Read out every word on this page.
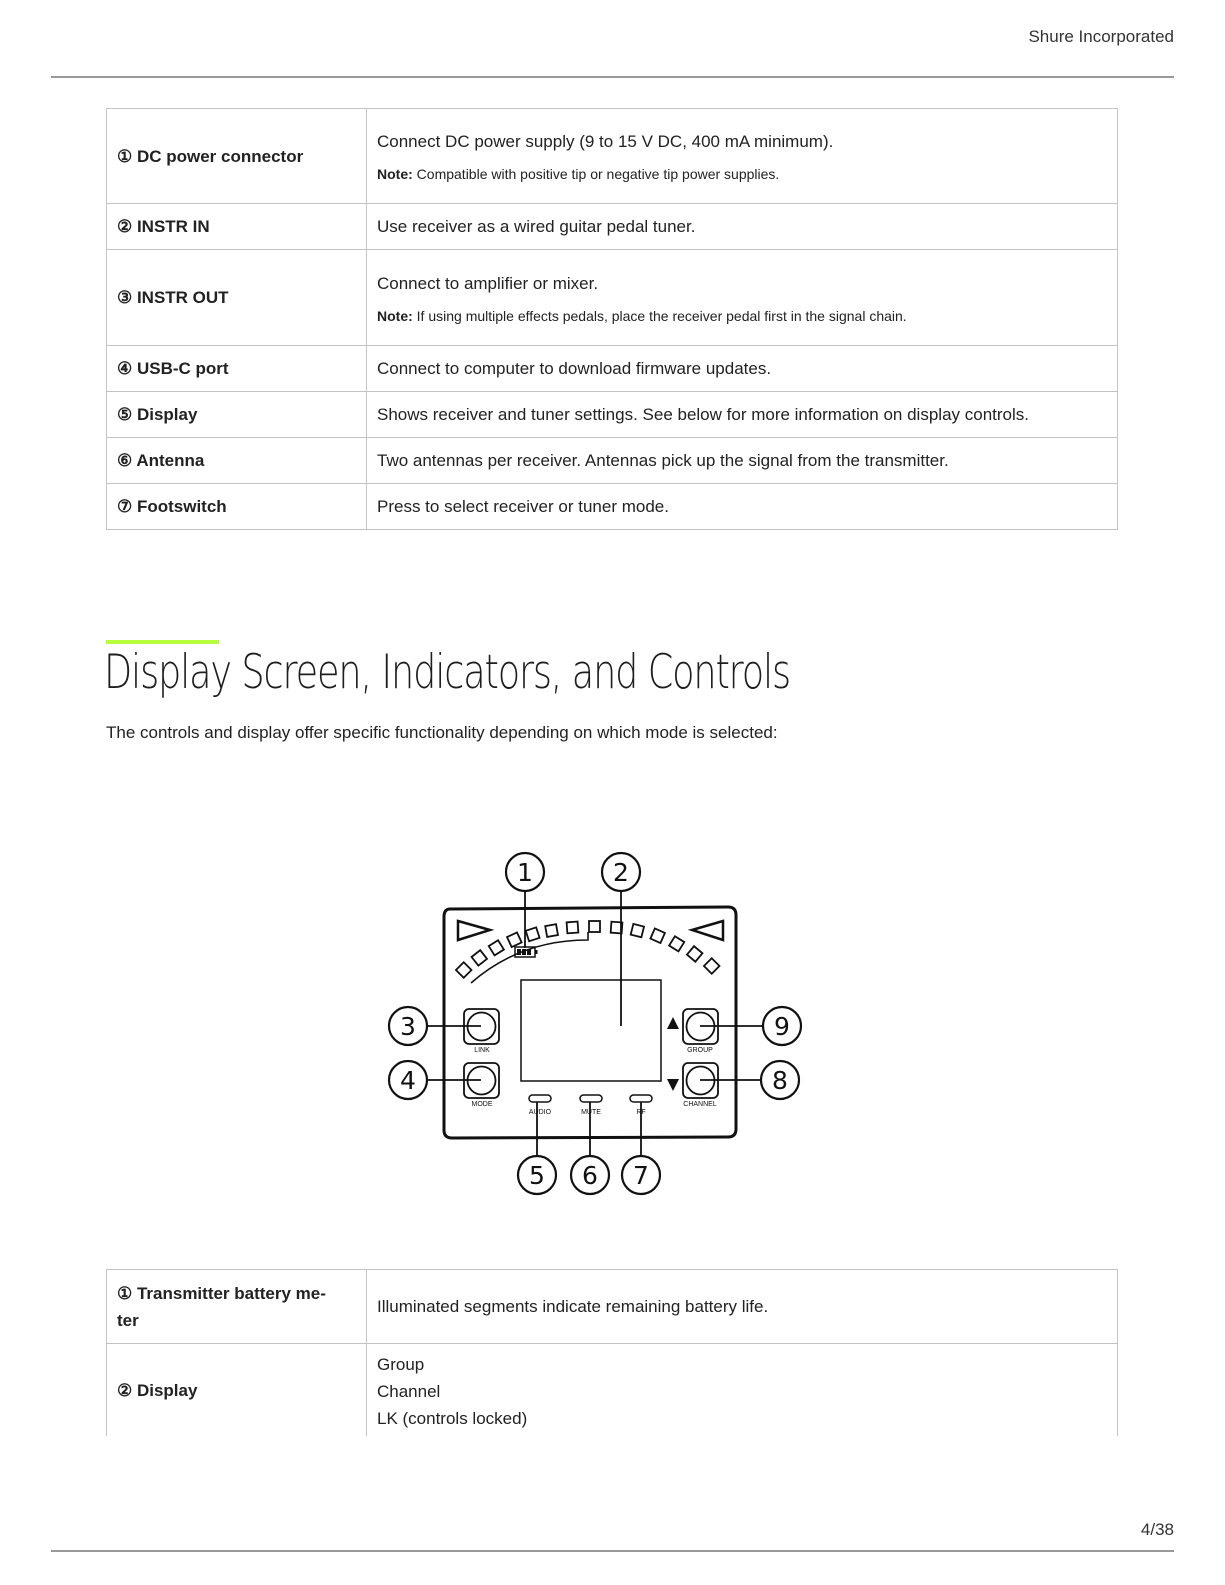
Shure Incorporated
① DC power connector	Connect DC power supply (9 to 15 V DC, 400 mA minimum).
Note: Compatible with positive tip or negative tip power supplies.

② INSTR IN	Use receiver as a wired guitar pedal tuner.
③ INSTR OUT	Connect to amplifier or mixer.
Note: If using multiple effects pedals, place the receiver pedal first in the signal chain.

④ USB-C port	Connect to computer to download firmware updates.
⑤ Display	Shows receiver and tuner settings. See below for more information on display controls.
⑥ Antenna	Two antennas per receiver. Antennas pick up the signal from the transmitter.
⑦ Footswitch	Press to select receiver or tuner mode.
Display Screen, Indicators, and Controls

The controls and display offer specific functionality depending on which mode is selected:

LINK
MODE
GROUP
CHANNEL
AUDIO	MUTE	RF
1	2
3
4
5 6 7
8
9
① Transmitter battery me-
ter	Illuminated segments indicate remaining battery life.
② Display	Group
Channel
LK (controls locked)
4/38
